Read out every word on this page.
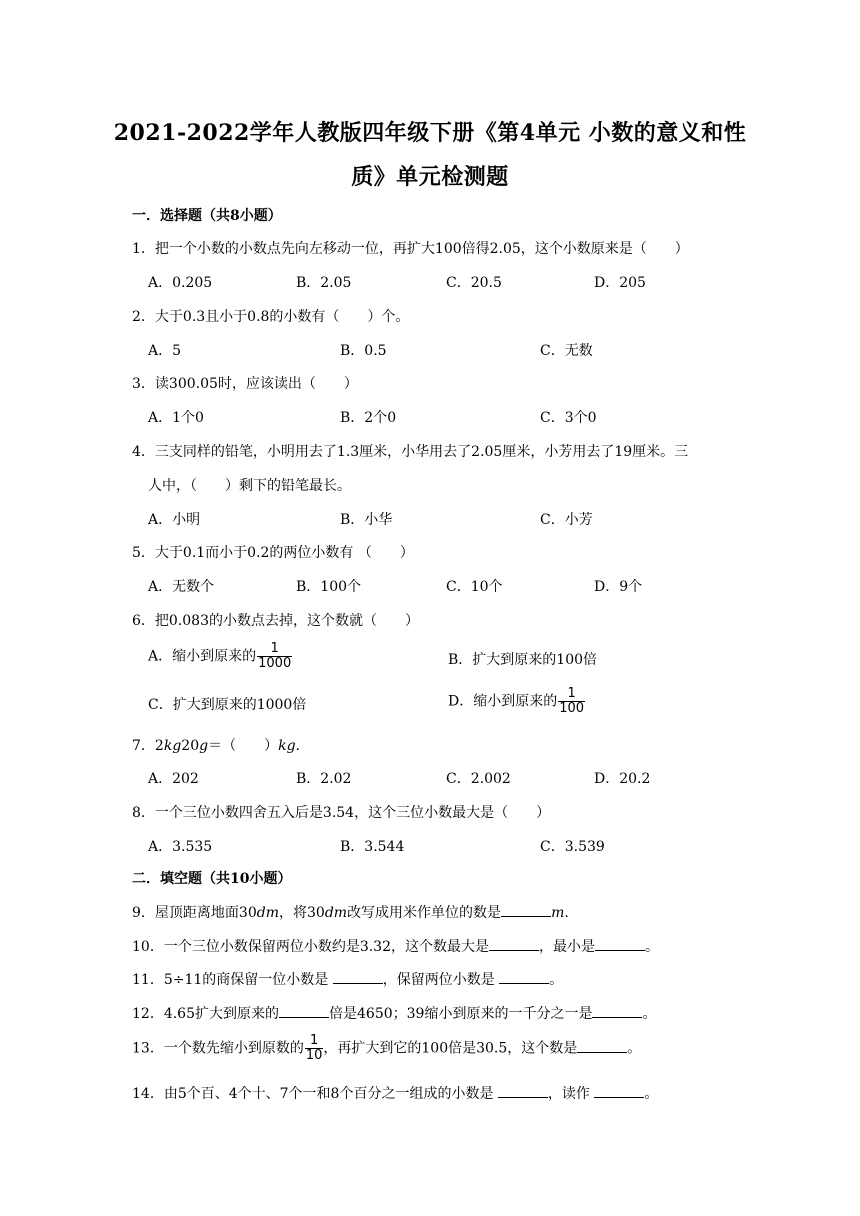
2021-2022学年人教版四年级下册《第4单元 小数的意义和性
质》单元检测题
一．选择题（共8小题）
1．把一个小数的小数点先向左移动一位，再扩大100倍得2.05，这个小数原来是（　　）
A．0.205	B．2.05	C．20.5	D．205
2．大于0.3且小于0.8的小数有（　　）个。
A．5	B．0.5	C．无数
3．读300.05时，应该读出（　　）
A．1个0	B．2个0	C．3个0
4．三支同样的铅笔，小明用去了1.3厘米，小华用去了2.05厘米，小芳用去了19厘米。三
人中，（　　）剩下的铅笔最长。
A．小明	B．小华	C．小芳
5．大于0.1而小于0.2的两位小数有 （　　）
A．无数个	B．100个	C．10个	D．9个
6．把0.083的小数点去掉，这个数就（　　）
A．缩小到原来的 $\frac{1}{1000}$	B．扩大到原来的100倍
C．扩大到原来的1000倍	D．缩小到原来的 $\frac{1}{100}$
7．2kg20g＝（　　）kg.
A．202	B．2.02	C．2.002	D．20.2
8．一个三位小数四舍五入后是3.54，这个三位小数最大是（　　）
A．3.535	B．3.544	C．3.539
二．填空题（共10小题）
9．屋顶距离地面30dm，将30dm改写成用米作单位的数是	m.
10．一个三位小数保留两位小数约是3.32，这个数最大是	，最小是	。
11．5÷11的商保留一位小数是	，保留两位小数是	。
12．4.65扩大到原来的	倍是4650；39缩小到原来的一千分之一是	。
13．一个数先缩小到原数的 $\frac{1}{10}$ ，再扩大到它的100倍是30.5，这个数是	。
14．由5个百、4个十、7个一和8个百分之一组成的小数是	，读作	。
